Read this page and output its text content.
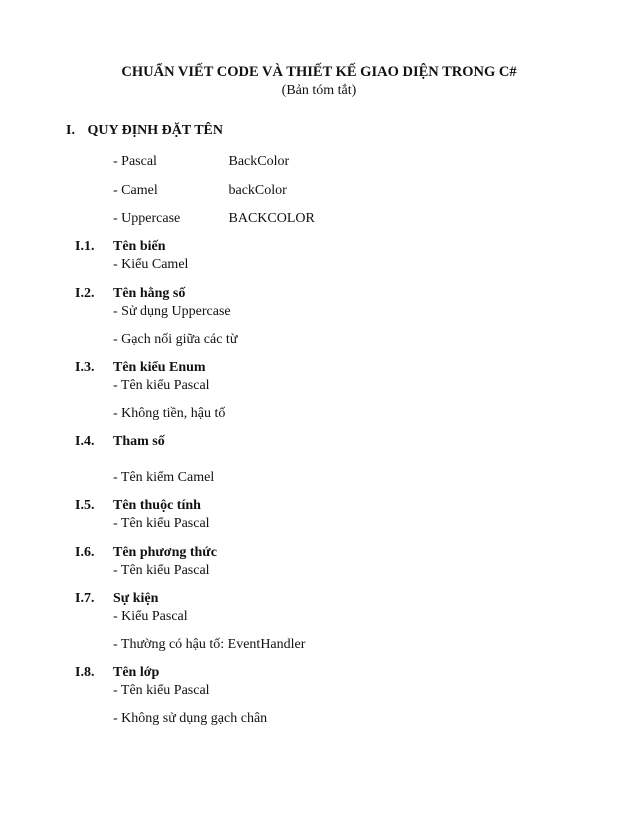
CHUẨN VIẾT CODE VÀ THIẾT KẾ GIAO DIỆN TRONG C#
(Bản tóm tắt)
I. QUY ĐỊNH ĐẶT TÊN
- Pascal	BackColor
- Camel	backColor
- Uppercase	BACKCOLOR
I.1. Tên biến
- Kiểu Camel
I.2. Tên hằng số
- Sử dụng Uppercase
- Gạch nối giữa các từ
I.3. Tên kiểu Enum
- Tên kiểu Pascal
- Không tiền, hậu tố
I.4. Tham số
- Tên kiểm Camel
I.5. Tên thuộc tính
- Tên kiểu Pascal
I.6. Tên phương thức
- Tên kiểu Pascal
I.7. Sự kiện
- Kiểu Pascal
- Thường có hậu tố: EventHandler
I.8. Tên lớp
- Tên kiểu Pascal
- Không sử dụng gạch chân
